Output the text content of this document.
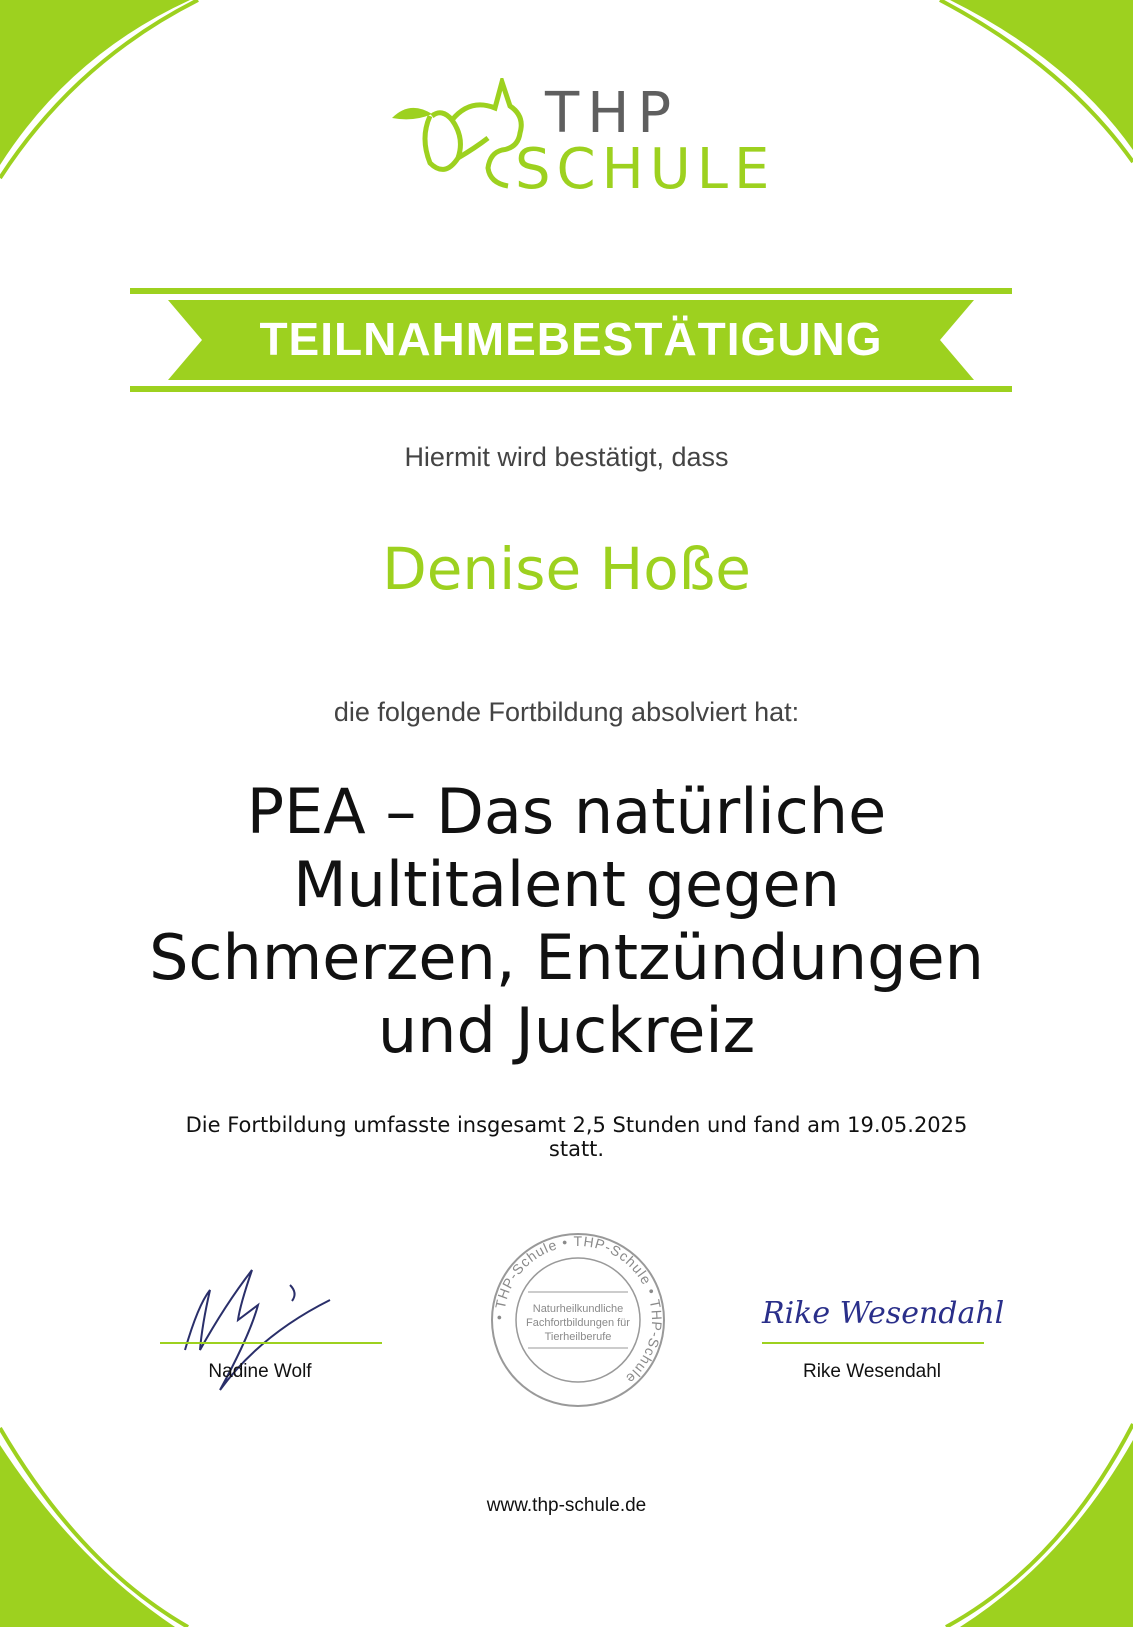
THP
SCHULE
TEILNAHMEBESTÄTIGUNG
Hiermit wird bestätigt, dass
Denise Hoße
die folgende Fortbildung absolviert hat:
PEA – Das natürliche
Multitalent gegen
Schmerzen, Entzündungen
und Juckreiz
Die Fortbildung umfasste insgesamt 2,5 Stunden und fand am 19.05.2025
statt.
Nadine Wolf
• THP-Schule • THP-Schule • THP-Schule
Naturheilkundliche
Fachfortbildungen für
Tierheilberufe
Rike Wesendahl
Rike Wesendahl
www.thp-schule.de
